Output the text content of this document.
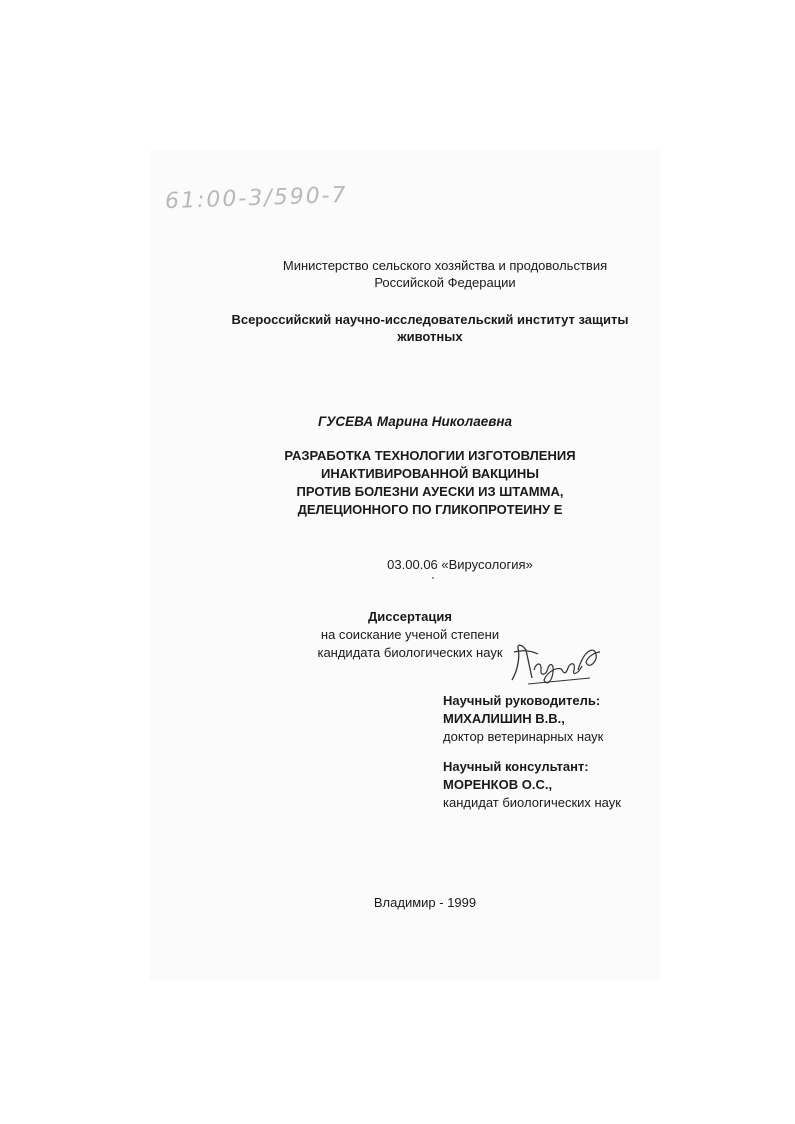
61:00-3/590-7
Министерство сельского хозяйства и продовольствия
Российской Федерации
Всероссийский научно-исследовательский институт защиты
животных
ГУСЕВА Марина Николаевна
РАЗРАБОТКА ТЕХНОЛОГИИ ИЗГОТОВЛЕНИЯ
ИНАКТИВИРОВАННОЙ ВАКЦИНЫ
ПРОТИВ БОЛЕЗНИ АУЕСКИ ИЗ ШТАММА,
ДЕЛЕЦИОННОГО ПО ГЛИКОПРОТЕИНУ Е
03.00.06 «Вирусология»
Диссертация
на соискание ученой степени
кандидата биологических наук
Научный руководитель:
МИХАЛИШИН В.В.,
доктор ветеринарных наук
Научный консультант:
МОРЕНКОВ О.С.,
кандидат биологических наук
Владимир - 1999
